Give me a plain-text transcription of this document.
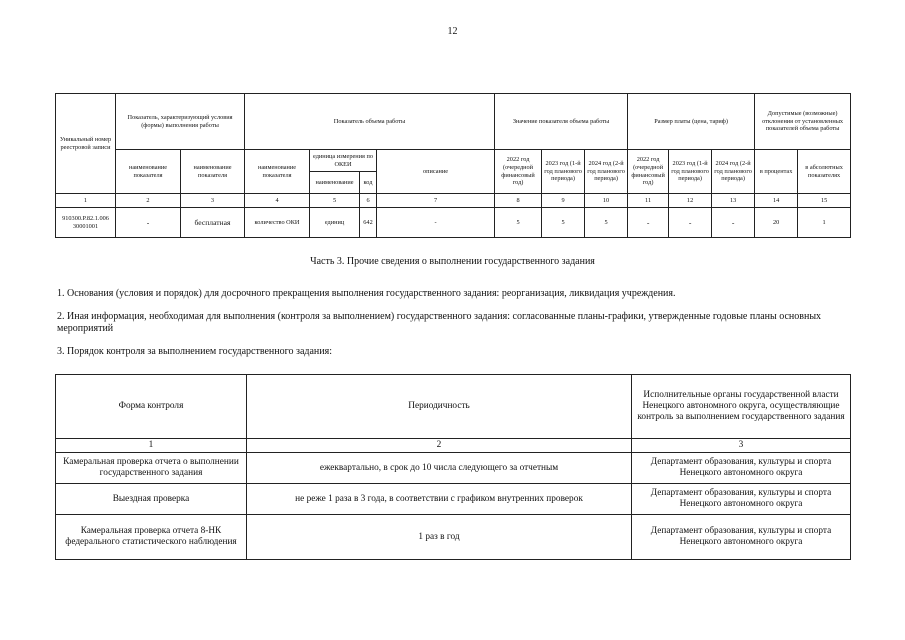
12
Уникальный номер реестровой записи	Показатель, характеризующий условия (формы) выполнения работы		Показатель объема работы				Значение показателя объема работы			Размер платы (цена, тариф)			Допустимые (возможные) отклонения от установленных показателей объема работы	
	наименование показателя	наименование показателя	наименование показателя	единица измерения по ОКЕИ		описание	2022 год (очередной финансовый год)	2023 год (1-й год планового периода)	2024 год (2-й год планового периода)	2022 год (очередной финансовый год)	2023 год (1-й год планового периода)	2024 год (2-й год планового периода)	в процентах	в абсолютных показателях
				наименование	код									
1	2	3	4	5	6	7	8	9	10	11	12	13	14	15
910300.Р.82.1.006 30001001	-	бесплатная	количество ОКИ	единиц	642	-	5	5	5	-	-	-	20	1
Часть 3. Прочие сведения о выполнении государственного задания
1. Основания (условия и порядок) для досрочного прекращения выполнения государственного задания: реорганизация, ликвидация учреждения.
2. Иная информация, необходимая для выполнения (контроля за выполнением) государственного задания: согласованные планы-графики, утвержденные годовые планы основных мероприятий
3. Порядок контроля за выполнением государственного задания:
Форма контроля	Периодичность	Исполнительные органы государственной власти Ненецкого автономного округа, осуществляющие контроль за выполнением государственного задания
1	2	3
Камеральная проверка отчета о выполнении государственного задания	ежеквартально, в срок до 10 числа следующего за отчетным	Департамент образования, культуры и спорта Ненецкого автономного округа
Выездная проверка	не реже 1 раза в 3 года, в соответствии с графиком внутренних проверок	Департамент образования, культуры и спорта Ненецкого автономного округа
Камеральная проверка отчета 8-НК федерального статистического наблюдения	1 раз в год	Департамент образования, культуры и спорта Ненецкого автономного округа
